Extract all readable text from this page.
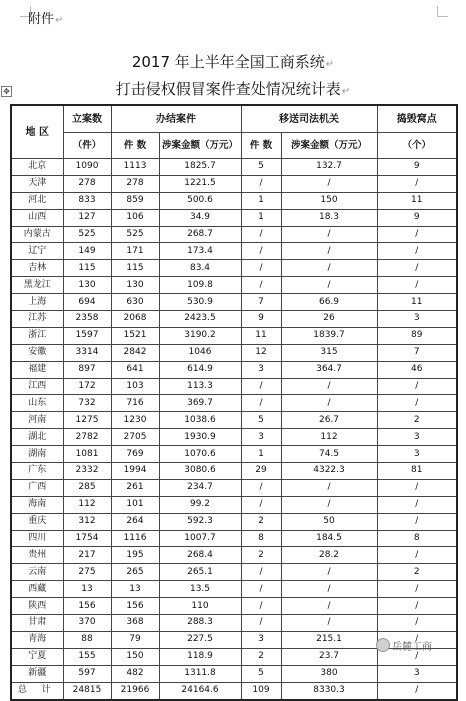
附件↵
2017 年上半年全国工商系统↵
打击侵权假冒案件查处情况统计表↵
✥
地 区	立案数	办结案件		移送司法机关		捣毁窝点
	（件）	件 数	涉案金额（万元）	件 数	涉案金额（万元）	（个）
北京	1090	1113	1825.7	5	132.7	9
天津	278	278	1221.5	/	/	/
河北	833	859	500.6	1	150	11
山西	127	106	34.9	1	18.3	9
内蒙古	525	525	268.7	/	/	/
辽宁	149	171	173.4	/	/	/
吉林	115	115	83.4	/	/	/
黑龙江	130	130	109.8	/	/	/
上海	694	630	530.9	7	66.9	11
江苏	2358	2068	2423.5	9	26	3
浙江	1597	1521	3190.2	11	1839.7	89
安徽	3314	2842	1046	12	315	7
福建	897	641	614.9	3	364.7	46
江西	172	103	113.3	/	/	/
山东	732	716	369.7	/	/	/
河南	1275	1230	1038.6	5	26.7	2
湖北	2782	2705	1930.9	3	112	3
湖南	1081	769	1070.6	1	74.5	3
广东	2332	1994	3080.6	29	4322.3	81
广西	285	261	234.7	/	/	/
海南	112	101	99.2	/	/	/
重庆	312	264	592.3	2	50	/
四川	1754	1116	1007.7	8	184.5	8
贵州	217	195	268.4	2	28.2	/
云南	275	265	265.1	/	/	2
西藏	13	13	13.5	/	/	/
陕西	156	156	110	/	/	/
甘肃	370	368	288.3	/	/	/
青海	88	79	227.5	3	215.1	/
宁夏	155	150	118.9	2	23.7	/
新疆	597	482	1311.8	5	380	3
总 计	24815	21966	24164.6	109	8330.3	/
岳麓工商
